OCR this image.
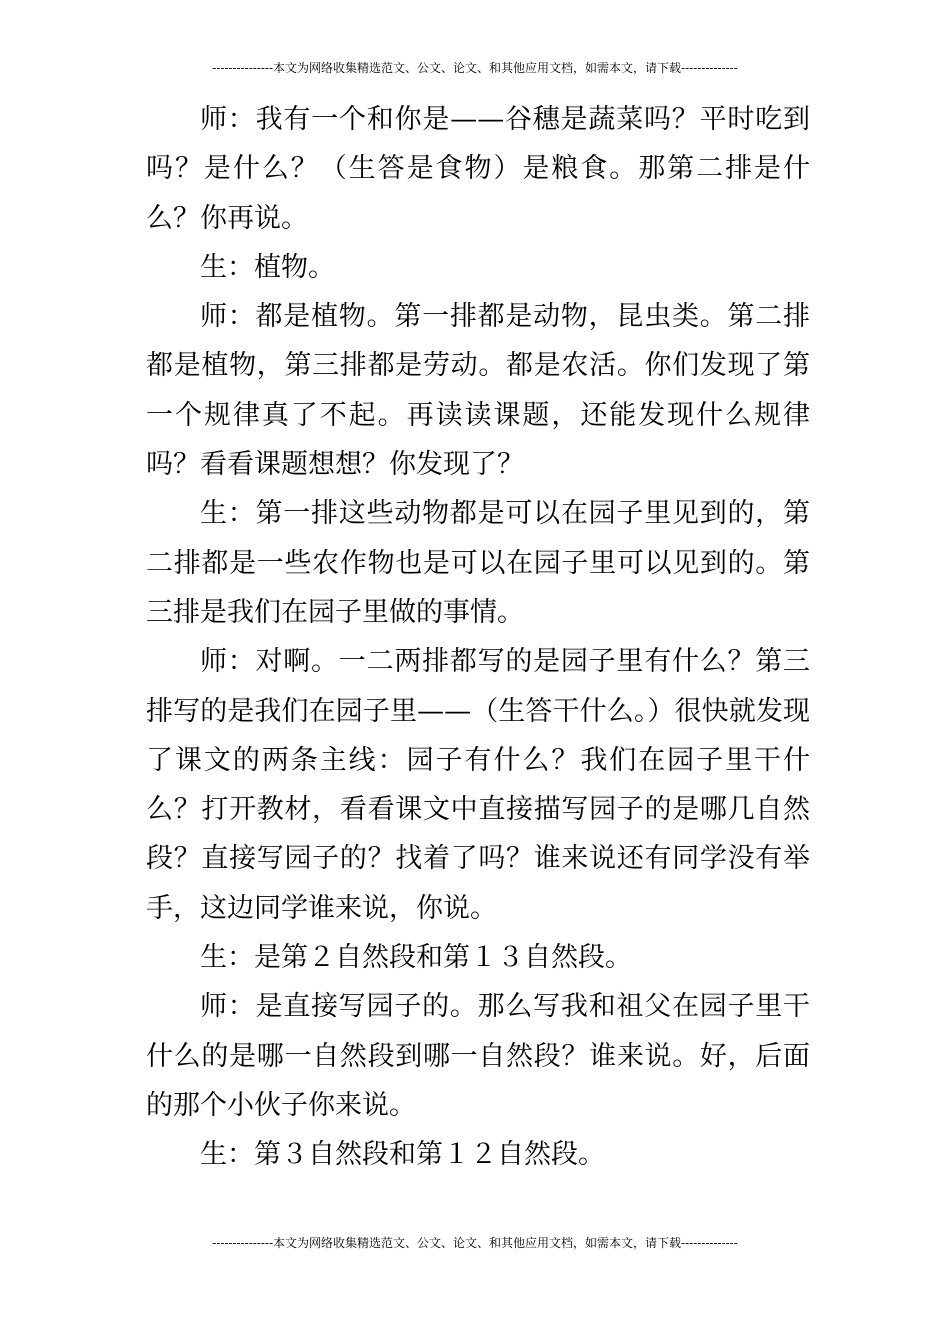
---------------本文为网络收集精选范文、公文、论文、和其他应用文档，如需本文，请下载--------------

师：我有一个和你是——谷穗是蔬菜吗？平时吃到吗？是什么？（生答是食物）是粮食。那第二排是什么？你再说。

生：植物。

师：都是植物。第一排都是动物，昆虫类。第二排都是植物，第三排都是劳动。都是农活。你们发现了第一个规律真了不起。再读读课题，还能发现什么规律吗？看看课题想想？你发现了？

生：第一排这些动物都是可以在园子里见到的，第二排都是一些农作物也是可以在园子里可以见到的。第三排是我们在园子里做的事情。

师：对啊。一二两排都写的是园子里有什么？第三排写的是我们在园子里——（生答干什么。）很快就发现了课文的两条主线：园子有什么？我们在园子里干什么？打开教材，看看课文中直接描写园子的是哪几自然段？直接写园子的？找着了吗？谁来说还有同学没有举手，这边同学谁来说，你说。

生：是第２自然段和第１３自然段。

师：是直接写园子的。那么写我和祖父在园子里干什么的是哪一自然段到哪一自然段？谁来说。好，后面的那个小伙子你来说。

生：第３自然段和第１２自然段。

---------------本文为网络收集精选范文、公文、论文、和其他应用文档，如需本文，请下载--------------
